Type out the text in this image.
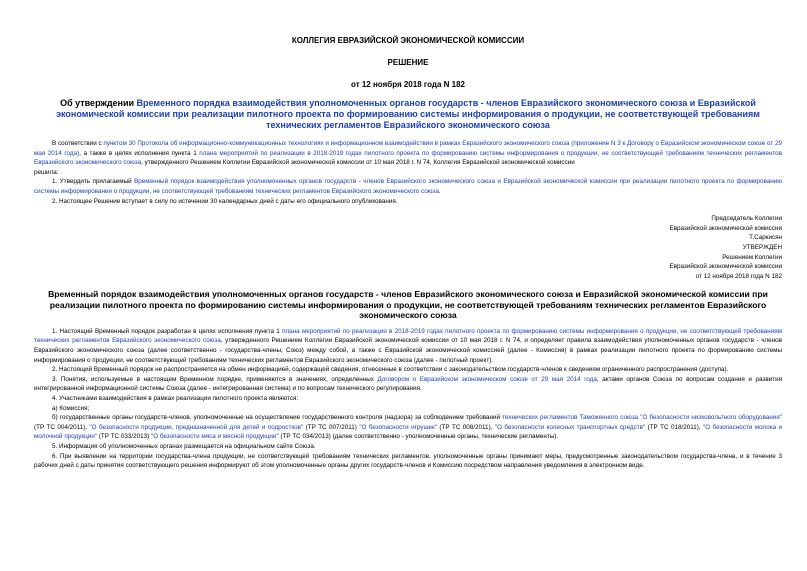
КОЛЛЕГИЯ ЕВРАЗИЙСКОЙ ЭКОНОМИЧЕСКОЙ КОМИССИИ
РЕШЕНИЕ
от 12 ноября 2018 года N 182
Об утверждении Временного порядка взаимодействия уполномоченных органов государств - членов Евразийского экономического союза и Евразийской экономической комиссии при реализации пилотного проекта по формированию системы информирования о продукции, не соответствующей требованиям технических регламентов Евразийского экономического союза

В соответствии с пунктом 30 Протокола об информационно-коммуникационных технологиях и информационном взаимодействии в рамках Евразийского экономического союза (приложение N 3 к Договору о Евразийском экономическом союзе от 29 мая 2014 года), а также в целях исполнения пункта 1 плана мероприятий по реализации в 2018-2019 годах пилотного проекта по формированию системы информирования о продукции, не соответствующей требованиям технических регламентов Евразийского экономического союза, утвержденного Решением Коллегии Евразийской экономической комиссии от 10 мая 2018 г. N 74, Коллегия Евразийской экономической комиссии

решила:

1. Утвердить прилагаемый Временный порядок взаимодействия уполномоченных органов государств - членов Евразийского экономического союза и Евразийской экономической комиссии при реализации пилотного проекта по формированию системы информирования о продукции, не соответствующей требованиям технических регламентов Евразийского экономического союза.

2. Настоящее Решение вступает в силу по истечении 30 календарных дней с даты его официального опубликования.

Председатель Коллегии
Евразийской экономической комиссии
Т.Саркисян
УТВЕРЖДЕН
Решением Коллегии
Евразийской экономической комиссии
от 12 ноября 2018 года N 182
Временный порядок взаимодействия уполномоченных органов государств - членов Евразийского экономического союза и Евразийской экономической комиссии при реализации пилотного проекта по формированию системы информирования о продукции, не соответствующей требованиям технических регламентов Евразийского экономического союза

1. Настоящий Временный порядок разработан в целях исполнения пункта 1 плана мероприятий по реализации в 2018-2019 годах пилотного проекта по формированию системы информирования о продукции, не соответствующей требованиям технических регламентов Евразийского экономического союза, утвержденного Решением Коллегии Евразийской экономической комиссии от 10 мая 2018 г. N 74, и определяет правила взаимодействия уполномоченных органов государств - членов Евразийского экономического союза (далее соответственно - государства-члены, Союз) между собой, а также с Евразийской экономической комиссией (далее - Комиссия) в рамках реализации пилотного проекта по формированию системы информирования о продукции, не соответствующей требованиям технических регламентов Евразийского экономического союза (далее - пилотный проект).

2. Настоящий Временный порядок не распространяется на обмен информацией, содержащей сведения, отнесенные в соответствии с законодательством государств-членов к сведениям ограниченного распространения (доступа).

3. Понятия, используемые в настоящем Временном порядке, применяются в значениях, определенных Договором о Евразийском экономическом союзе от 29 мая 2014 года, актами органов Союза по вопросам создания и развития интегрированной информационной системы Союза (далее - интегрированная система) и по вопросам технического регулирования.

4. Участниками взаимодействия в рамках реализации пилотного проекта являются:

а) Комиссия;

б) государственные органы государств-членов, уполномоченные на осуществление государственного контроля (надзора) за соблюдением требований технических регламентов Таможенного союза "О безопасности низковольтного оборудования" (ТР ТС 004/2011), "О безопасности продукции, предназначенной для детей и подростков" (ТР ТС 007/2011) "О безопасности игрушек" (ТР ТС 008/2011), "О безопасности колесных транспортных средств" (ТР ТС 018/2011), "О безопасности молока и молочной продукции" (ТР ТС 033/2013) "О безопасности мяса и мясной продукции" (ТР ТС 034/2013) (далее соответственно - уполномоченные органы, технические регламенты).

5. Информация об уполномоченных органах размещается на официальном сайте Союза.

6. При выявлении на территории государства-члена продукции, не соответствующей требованиям технических регламентов, уполномоченные органы принимают меры, предусмотренные законодательством государства-члена, и в течение 3 рабочих дней с даты принятия соответствующего решения информируют об этом уполномоченные органы других государств-членов и Комиссию посредством направления уведомления в электронном виде.
